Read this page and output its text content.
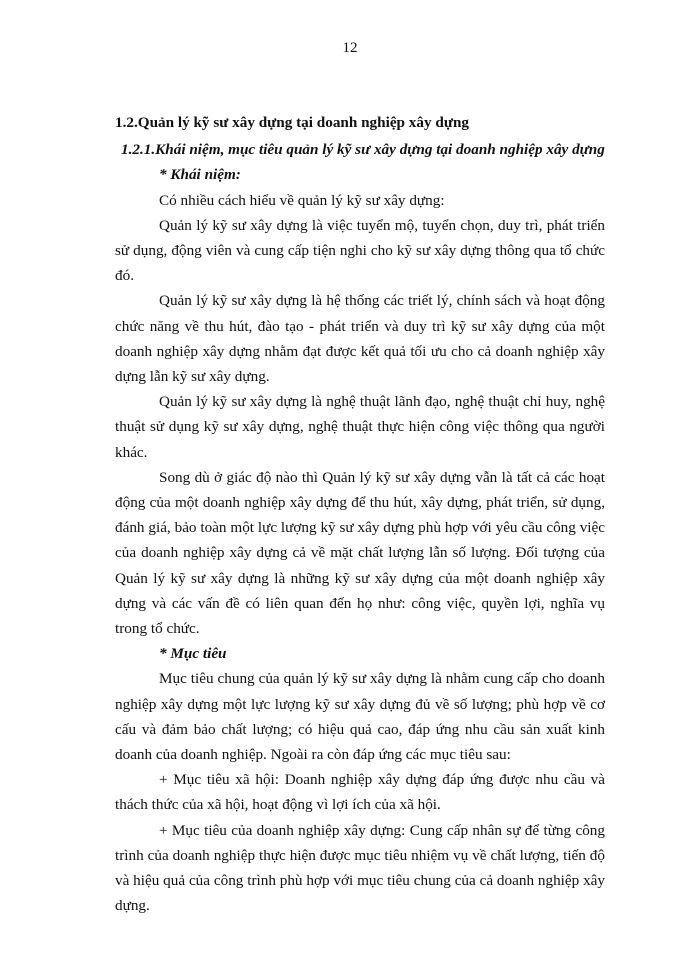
12

1.2.Quản lý kỹ sư xây dựng tại doanh nghiệp xây dựng

1.2.1.Khái niệm, mục tiêu quản lý kỹ sư xây dựng tại doanh nghiệp xây dựng

* Khái niệm:

Có nhiều cách hiểu về quản lý kỹ sư xây dựng:

Quản lý kỹ sư xây dựng là việc tuyển mộ, tuyển chọn, duy trì, phát triển sử dụng, động viên và cung cấp tiện nghi cho kỹ sư xây dựng thông qua tổ chức đó.

Quản lý kỹ sư xây dựng là hệ thống các triết lý, chính sách và hoạt động chức năng về thu hút, đào tạo - phát triển và duy trì kỹ sư xây dựng của một doanh nghiệp xây dựng nhằm đạt được kết quả tối ưu cho cả doanh nghiệp xây dựng lẫn kỹ sư xây dựng.

Quản lý kỹ sư xây dựng là nghệ thuật lãnh đạo, nghệ thuật chỉ huy, nghệ thuật sử dụng kỹ sư xây dựng, nghệ thuật thực hiện công việc thông qua người khác.

Song dù ở giác độ nào thì Quản lý kỹ sư xây dựng vẫn là tất cả các hoạt động của một doanh nghiệp xây dựng để thu hút, xây dựng, phát triển, sử dụng, đánh giá, bảo toàn một lực lượng kỹ sư xây dựng phù hợp với yêu cầu công việc của doanh nghiệp xây dựng cả về mặt chất lượng lẫn số lượng. Đối tượng của Quản lý kỹ sư xây dựng là những kỹ sư xây dựng của một doanh nghiệp xây dựng và các vấn đề có liên quan đến họ như: công việc, quyền lợi, nghĩa vụ trong tổ chức.

* Mục tiêu

Mục tiêu chung của quản lý kỹ sư xây dựng là nhằm cung cấp cho doanh nghiệp xây dựng một lực lượng kỹ sư xây dựng đủ về số lượng; phù hợp về cơ cấu và đảm bảo chất lượng; có hiệu quả cao, đáp ứng nhu cầu sản xuất kinh doanh của doanh nghiệp. Ngoài ra còn đáp ứng các mục tiêu sau:

+ Mục tiêu xã hội: Doanh nghiệp xây dựng đáp ứng được nhu cầu và thách thức của xã hội, hoạt động vì lợi ích của xã hội.

+ Mục tiêu của doanh nghiệp xây dựng: Cung cấp nhân sự để từng công trình của doanh nghiệp thực hiện được mục tiêu nhiệm vụ về chất lượng, tiến độ và hiệu quả của công trình phù hợp với mục tiêu chung của cả doanh nghiệp xây dựng.
